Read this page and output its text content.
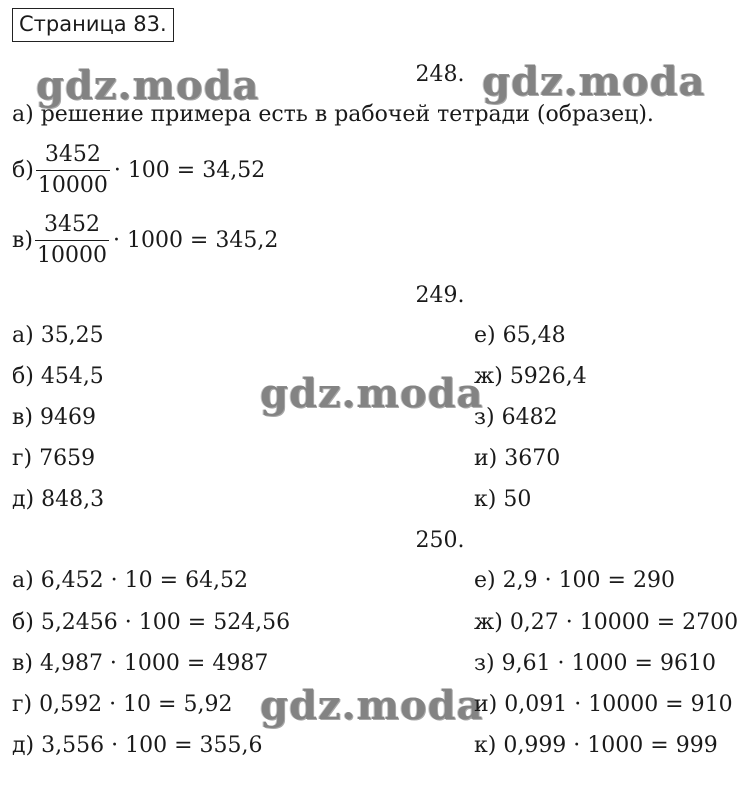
Страница 83.
gdz.moda	gdz.moda
gdz.moda
gdz.moda
248.
а) решение примера есть в рабочей тетради (образец).
$б) \frac{3452}{10000} \cdot 100 = 34,52$
$в) \frac{3452}{10000} \cdot 1000 = 345,2$
249.
а) 35,25
б) 454,5
в) 9469
г) 7659
д) 848,3
е) 65,48
ж) 5926,4
з) 6482
и) 3670
к) 50
250.
а) 6,452 · 10 = 64,52
б) 5,2456 · 100 = 524,56
в) 4,987 · 1000 = 4987
г) 0,592 · 10 = 5,92
д) 3,556 · 100 = 355,6
е) 2,9 · 100 = 290
ж) 0,27 · 10000 = 2700
з) 9,61 · 1000 = 9610
и) 0,091 · 10000 = 910
к) 0,999 · 1000 = 999
